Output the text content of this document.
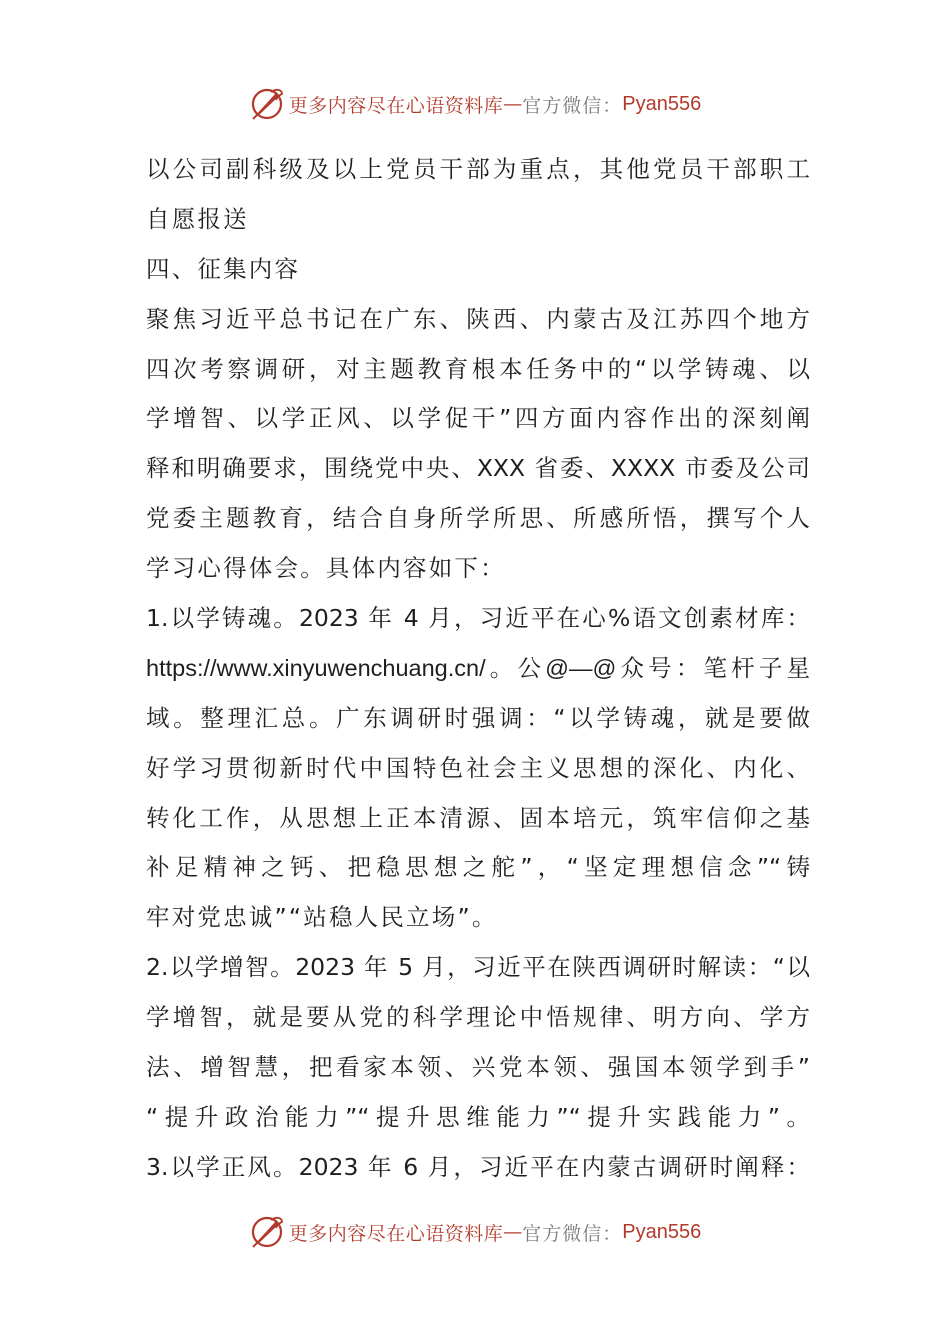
更多内容尽在心语资料库 — 官方微信： Pyan556
以公司副科级及以上党员干部为重点，其他党员干部职工
自愿报送
四、征集内容
聚焦习近平总书记在广东、陕西、内蒙古及江苏四个地方
四次考察调研，对主题教育根本任务中的“以学铸魂、以
学增智、以学正风、以学促干”四方面内容作出的深刻阐
释和明确要求，围绕党中央、XXX 省委、XXXX 市委及公司
党委主题教育，结合自身所学所思、所感所悟，撰写个人
学习心得体会。具体内容如下：
1.以学铸魂。2023 年 4 月，习近平在心%语文创素材库：
https://www.xinyuwenchuang.cn/。公@—@众号：笔杆子星
域。整理汇总。广东调研时强调：“以学铸魂，就是要做
好学习贯彻新时代中国特色社会主义思想的深化、内化、
转化工作，从思想上正本清源、固本培元，筑牢信仰之基
补足精神之钙、把稳思想之舵”，“坚定理想信念”“铸
牢对党忠诚”“站稳人民立场”。
2.以学增智。2023 年 5 月，习近平在陕西调研时解读：“以
学增智，就是要从党的科学理论中悟规律、明方向、学方
法、增智慧，把看家本领、兴党本领、强国本领学到手”
“提升政治能力”“提升思维能力”“提升实践能力”。
3.以学正风。2023 年 6 月，习近平在内蒙古调研时阐释：
更多内容尽在心语资料库 — 官方微信： Pyan556
